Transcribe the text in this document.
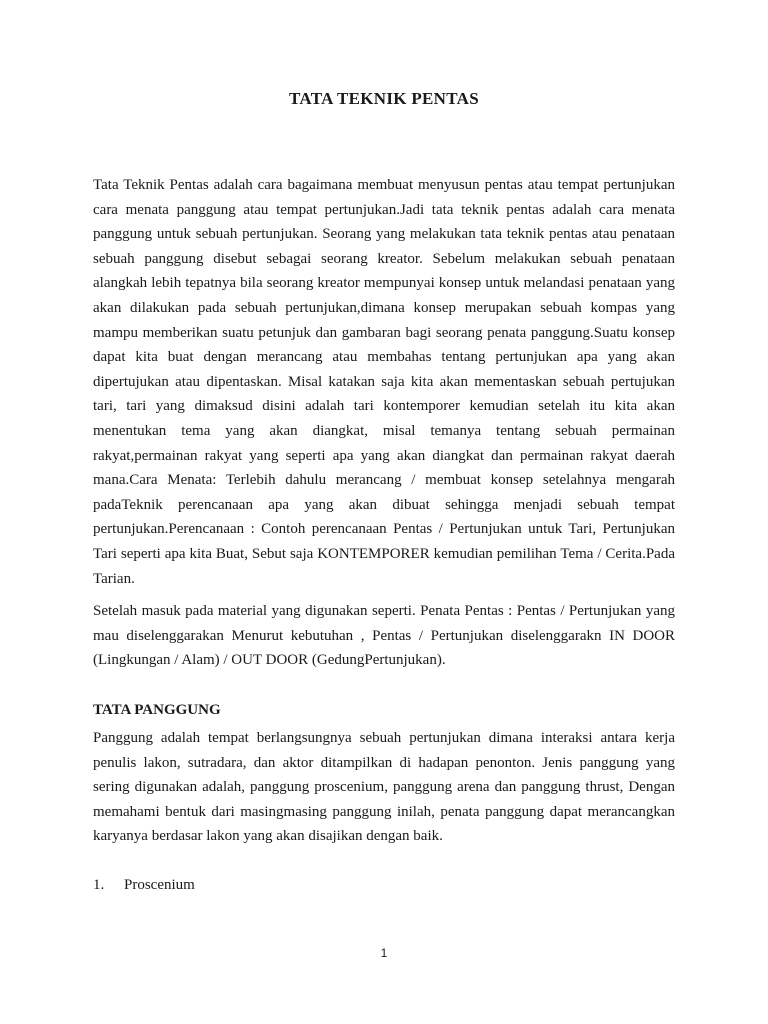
TATA TEKNIK PENTAS

Tata Teknik Pentas adalah cara bagaimana membuat menyusun pentas atau tempat pertunjukan cara menata panggung atau tempat pertunjukan.Jadi tata teknik pentas adalah cara menata panggung untuk sebuah pertunjukan. Seorang yang melakukan tata teknik pentas atau penataan sebuah panggung disebut sebagai seorang kreator. Sebelum melakukan sebuah penataan alangkah lebih tepatnya bila seorang kreator mempunyai konsep untuk melandasi penataan yang akan dilakukan pada sebuah pertunjukan,dimana konsep merupakan sebuah kompas yang mampu memberikan suatu petunjuk dan gambaran bagi seorang penata panggung.Suatu konsep dapat kita buat dengan merancang atau membahas tentang pertunjukan apa yang akan dipertujukan atau dipentaskan. Misal katakan saja kita akan mementaskan sebuah pertujukan tari, tari yang dimaksud disini adalah tari kontemporer kemudian setelah itu kita akan menentukan tema yang akan diangkat, misal temanya tentang sebuah permainan rakyat,permainan rakyat yang seperti apa yang akan diangkat dan permainan rakyat daerah mana.Cara Menata: Terlebih dahulu merancang / membuat konsep setelahnya mengarah padaTeknik perencanaan apa yang akan dibuat sehingga menjadi sebuah tempat pertunjukan.Perencanaan : Contoh perencanaan Pentas / Pertunjukan untuk Tari, Pertunjukan Tari seperti apa kita Buat, Sebut saja KONTEMPORER kemudian pemilihan Tema / Cerita.Pada Tarian.

Setelah masuk pada material yang digunakan seperti. Penata Pentas : Pentas / Pertunjukan yang mau diselenggarakan Menurut kebutuhan , Pentas / Pertunjukan diselenggarakn IN DOOR (Lingkungan / Alam) / OUT DOOR (GedungPertunjukan).

TATA PANGGUNG

Panggung adalah tempat berlangsungnya sebuah pertunjukan dimana interaksi antara kerja penulis lakon, sutradara, dan aktor ditampilkan di hadapan penonton. Jenis panggung yang sering digunakan adalah, panggung proscenium, panggung arena dan panggung thrust, Dengan memahami bentuk dari masingmasing panggung inilah, penata panggung dapat merancangkan karyanya berdasar lakon yang akan disajikan dengan baik.

1. Proscenium
1
